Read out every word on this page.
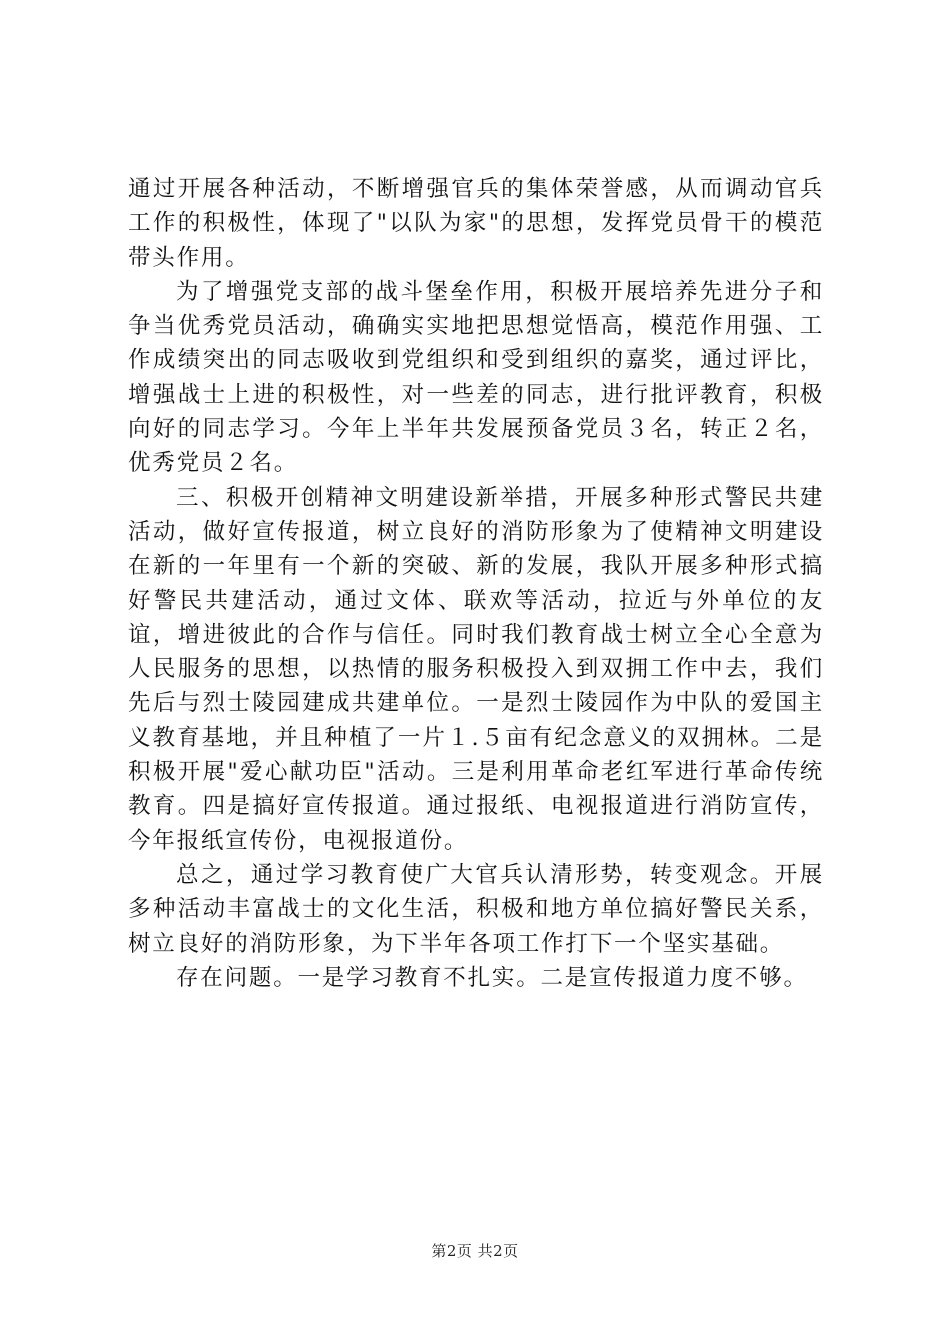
通过开展各种活动，不断增强官兵的集体荣誉感，从而调动官兵工作的积极性，体现了"以队为家"的思想，发挥党员骨干的模范带头作用。

为了增强党支部的战斗堡垒作用，积极开展培养先进分子和争当优秀党员活动，确确实实地把思想觉悟高，模范作用强、工作成绩突出的同志吸收到党组织和受到组织的嘉奖，通过评比，增强战士上进的积极性，对一些差的同志，进行批评教育，积极向好的同志学习。今年上半年共发展预备党员３名，转正２名，优秀党员２名。

三、积极开创精神文明建设新举措，开展多种形式警民共建活动，做好宣传报道，树立良好的消防形象为了使精神文明建设在新的一年里有一个新的突破、新的发展，我队开展多种形式搞好警民共建活动，通过文体、联欢等活动，拉近与外单位的友谊，增进彼此的合作与信任。同时我们教育战士树立全心全意为人民服务的思想，以热情的服务积极投入到双拥工作中去，我们先后与烈士陵园建成共建单位。一是烈士陵园作为中队的爱国主义教育基地，并且种植了一片１.５亩有纪念意义的双拥林。二是积极开展"爱心献功臣"活动。三是利用革命老红军进行革命传统教育。四是搞好宣传报道。通过报纸、电视报道进行消防宣传，今年报纸宣传份，电视报道份。

总之，通过学习教育使广大官兵认清形势，转变观念。开展多种活动丰富战士的文化生活，积极和地方单位搞好警民关系，树立良好的消防形象，为下半年各项工作打下一个坚实基础。

存在问题。一是学习教育不扎实。二是宣传报道力度不够。

第2页 共2页
